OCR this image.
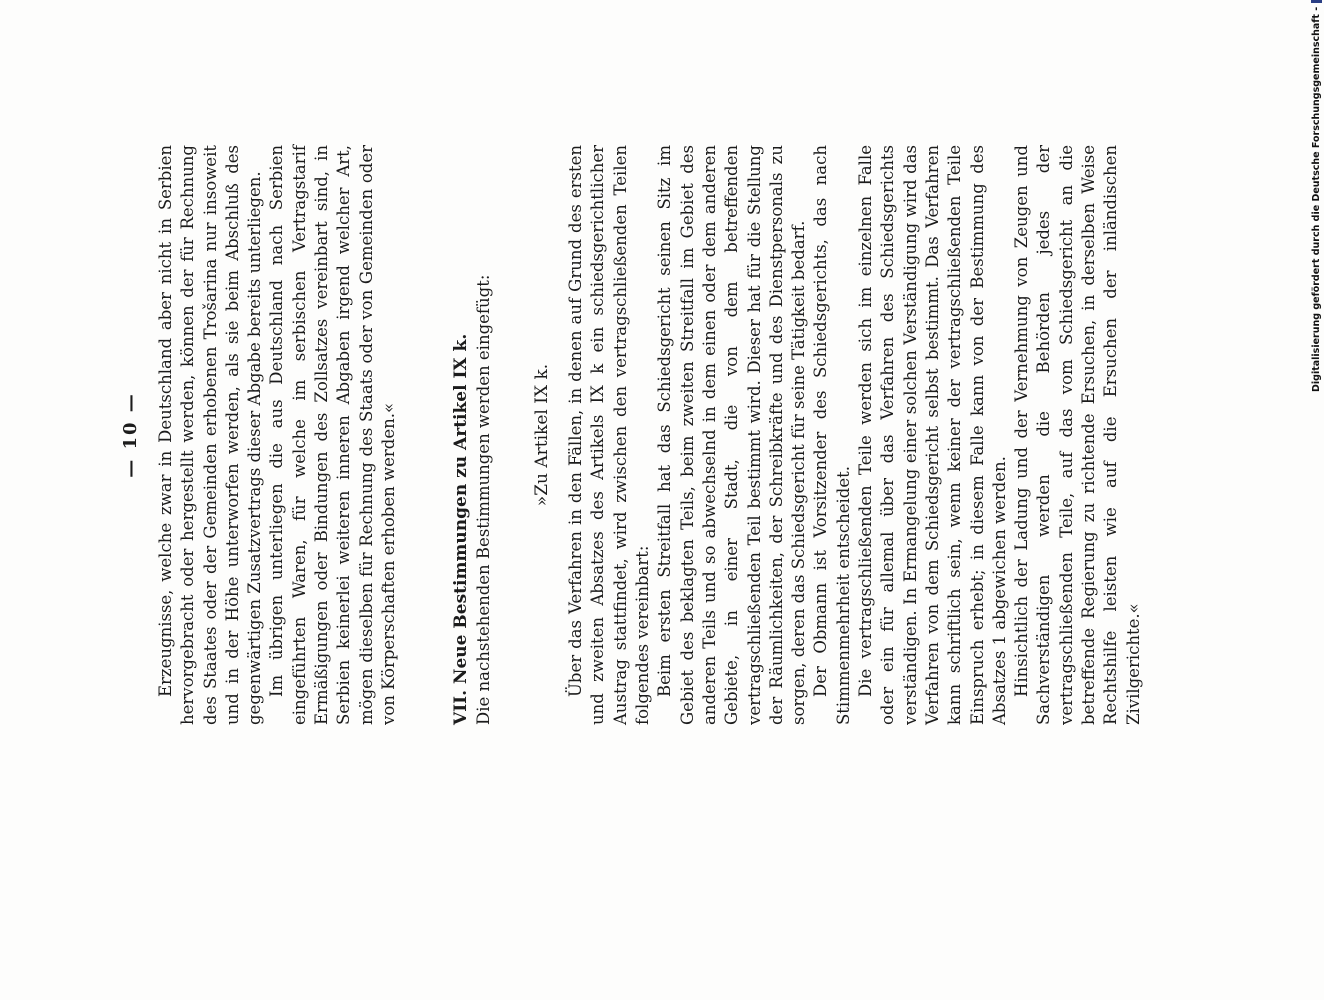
— 10 — Erzeugnisse, welche zwar in Deutschland aber nicht in Serbien hervorgebracht oder hergestellt werden, können der für Rechnung des Staates oder der Gemeinden erhobenen Trošarina nur insoweit und in der Höhe unterworfen werden, als sie beim Abschluß des gegenwärtigen Zusatzvertrags dieser Abgabe bereits unterliegen. Im übrigen unterliegen die aus Deutschland nach Serbien eingeführten Waren, für welche im serbischen Vertragstarif Ermäßigungen oder Bindungen des Zollsatzes vereinbart sind, in Serbien keinerlei weiteren inneren Abgaben irgend welcher Art, mögen dieselben für Rechnung des Staats oder von Gemeinden oder von Körperschaften erhoben werden.«	VII. Neue Bestimmungen zu Artikel IX k. Die nachstehenden Bestimmungen werden eingefügt: »Zu Artikel IX k. Über das Verfahren in den Fällen, in denen auf Grund des ersten und zweiten Absatzes des Artikels IX k ein schiedsgerichtlicher Austrag stattfindet, wird zwischen den vertragschließenden Teilen folgendes vereinbart: Beim ersten Streitfall hat das Schiedsgericht seinen Sitz im Gebiet des beklagten Teils, beim zweiten Streitfall im Gebiet des anderen Teils und so abwechselnd in dem einen oder dem anderen Gebiete, in einer Stadt, die von dem betreffenden vertragschließenden Teil bestimmt wird. Dieser hat für die Stellung der Räumlichkeiten, der Schreibkräfte und des Dienstpersonals zu sorgen, deren das Schiedsgericht für seine Tätigkeit bedarf. Der Obmann ist Vorsitzender des Schiedsgerichts, das nach Stimmenmehrheit entscheidet. Die vertragschließenden Teile werden sich im einzelnen Falle oder ein für allemal über das Verfahren des Schiedsgerichts verständigen. In Ermangelung einer solchen Verständigung wird das Verfahren von dem Schiedsgericht selbst bestimmt. Das Verfahren kann schriftlich sein, wenn keiner der vertragschließenden Teile Einspruch erhebt; in diesem Falle kann von der Bestimmung des Absatzes 1 abgewichen werden. Hinsichtlich der Ladung und der Vernehmung von Zeugen und Sachverständigen werden die Behörden jedes der vertragschließenden Teile, auf das vom Schiedsgericht an die betreffende Regierung zu richtende Ersuchen, in derselben Weise Rechtshilfe leisten wie auf die Ersuchen der inländischen Zivilgerichte.«

Digitalisierung gefördert durch die Deutsche Forschungsgemeinschaft -
